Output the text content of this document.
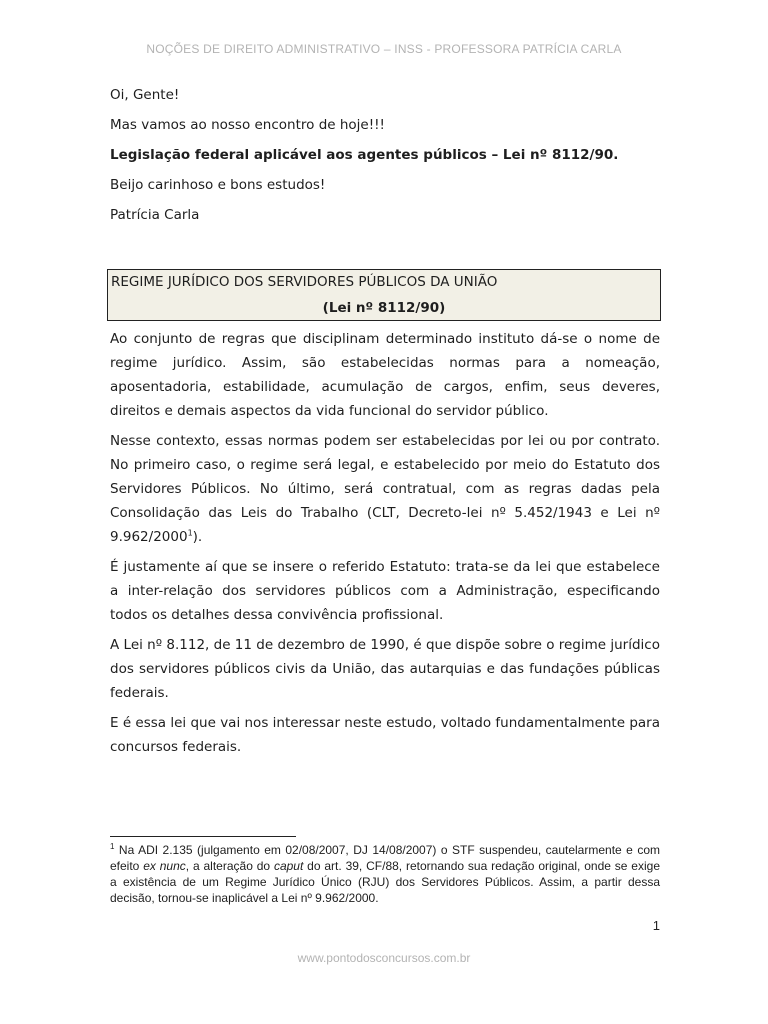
NOÇÕES DE DIREITO ADMINISTRATIVO – INSS - PROFESSORA PATRÍCIA CARLA

Oi, Gente!

Mas vamos ao nosso encontro de hoje!!!

Legislação federal aplicável aos agentes públicos – Lei nº 8112/90.

Beijo carinhoso e bons estudos!

Patrícia Carla

REGIME JURÍDICO DOS SERVIDORES PÚBLICOS DA UNIÃO
(Lei nº 8112/90)

Ao conjunto de regras que disciplinam determinado instituto dá-se o nome de regime jurídico. Assim, são estabelecidas normas para a nomeação, aposentadoria, estabilidade, acumulação de cargos, enfim, seus deveres, direitos e demais aspectos da vida funcional do servidor público.

Nesse contexto, essas normas podem ser estabelecidas por lei ou por contrato. No primeiro caso, o regime será legal, e estabelecido por meio do Estatuto dos Servidores Públicos. No último, será contratual, com as regras dadas pela Consolidação das Leis do Trabalho (CLT, Decreto-lei nº 5.452/1943 e Lei nº 9.962/2000$^1$).

É justamente aí que se insere o referido Estatuto: trata-se da lei que estabelece a inter-relação dos servidores públicos com a Administração, especificando todos os detalhes dessa convivência profissional.

A Lei nº 8.112, de 11 de dezembro de 1990, é que dispõe sobre o regime jurídico dos servidores públicos civis da União, das autarquias e das fundações públicas federais.

E é essa lei que vai nos interessar neste estudo, voltado fundamentalmente para concursos federais.

$^1$ Na ADI 2.135 (julgamento em 02/08/2007, DJ 14/08/2007) o STF suspendeu, cautelarmente e com efeito ex nunc, a alteração do caput do art. 39, CF/88, retornando sua redação original, onde se exige a existência de um Regime Jurídico Único (RJU) dos Servidores Públicos. Assim, a partir dessa decisão, tornou-se inaplicável a Lei nº 9.962/2000.
1
www.pontodosconcursos.com.br
